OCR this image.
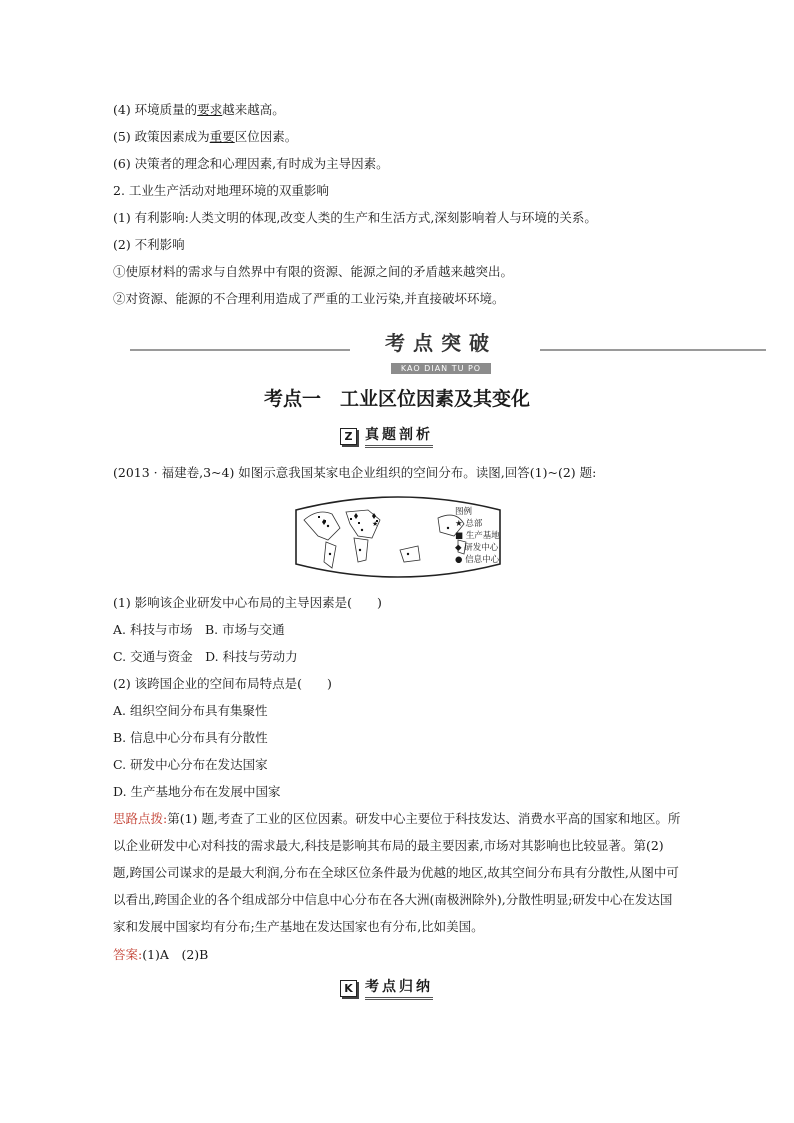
(4) 环境质量的要求越来越高。
(5) 政策因素成为重要区位因素。
(6) 决策者的理念和心理因素,有时成为主导因素。
2. 工业生产活动对地理环境的双重影响
(1) 有利影响:人类文明的体现,改变人类的生产和生活方式,深刻影响着人与环境的关系。
(2) 不利影响
①使原材料的需求与自然界中有限的资源、能源之间的矛盾越来越突出。
②对资源、能源的不合理利用造成了严重的工业污染,并直接破坏环境。
考点突破
KAO DIAN TU PO
考点一　工业区位因素及其变化
Z 真题剖析
(2013 · 福建卷,3~4) 如图示意我国某家电企业组织的空间分布。读图,回答(1)~(2) 题:
★
图例
★ 总部
■ 生产基地
◆ 研发中心
● 信息中心
(1) 影响该企业研发中心布局的主导因素是(　　)
A. 科技与市场　B. 市场与交通
C. 交通与资金　D. 科技与劳动力
(2) 该跨国企业的空间布局特点是(　　)
A. 组织空间分布具有集聚性
B. 信息中心分布具有分散性
C. 研发中心分布在发达国家
D. 生产基地分布在发展中国家
思路点拨:第(1) 题,考查了工业的区位因素。研发中心主要位于科技发达、消费水平高的国家和地区。所以企业研发中心对科技的需求最大,科技是影响其布局的最主要因素,市场对其影响也比较显著。第(2) 题,跨国公司谋求的是最大利润,分布在全球区位条件最为优越的地区,故其空间分布具有分散性,从图中可以看出,跨国企业的各个组成部分中信息中心分布在各大洲(南极洲除外),分散性明显;研发中心在发达国家和发展中国家均有分布;生产基地在发达国家也有分布,比如美国。
答案:(1)A　(2)B
K 考点归纳
